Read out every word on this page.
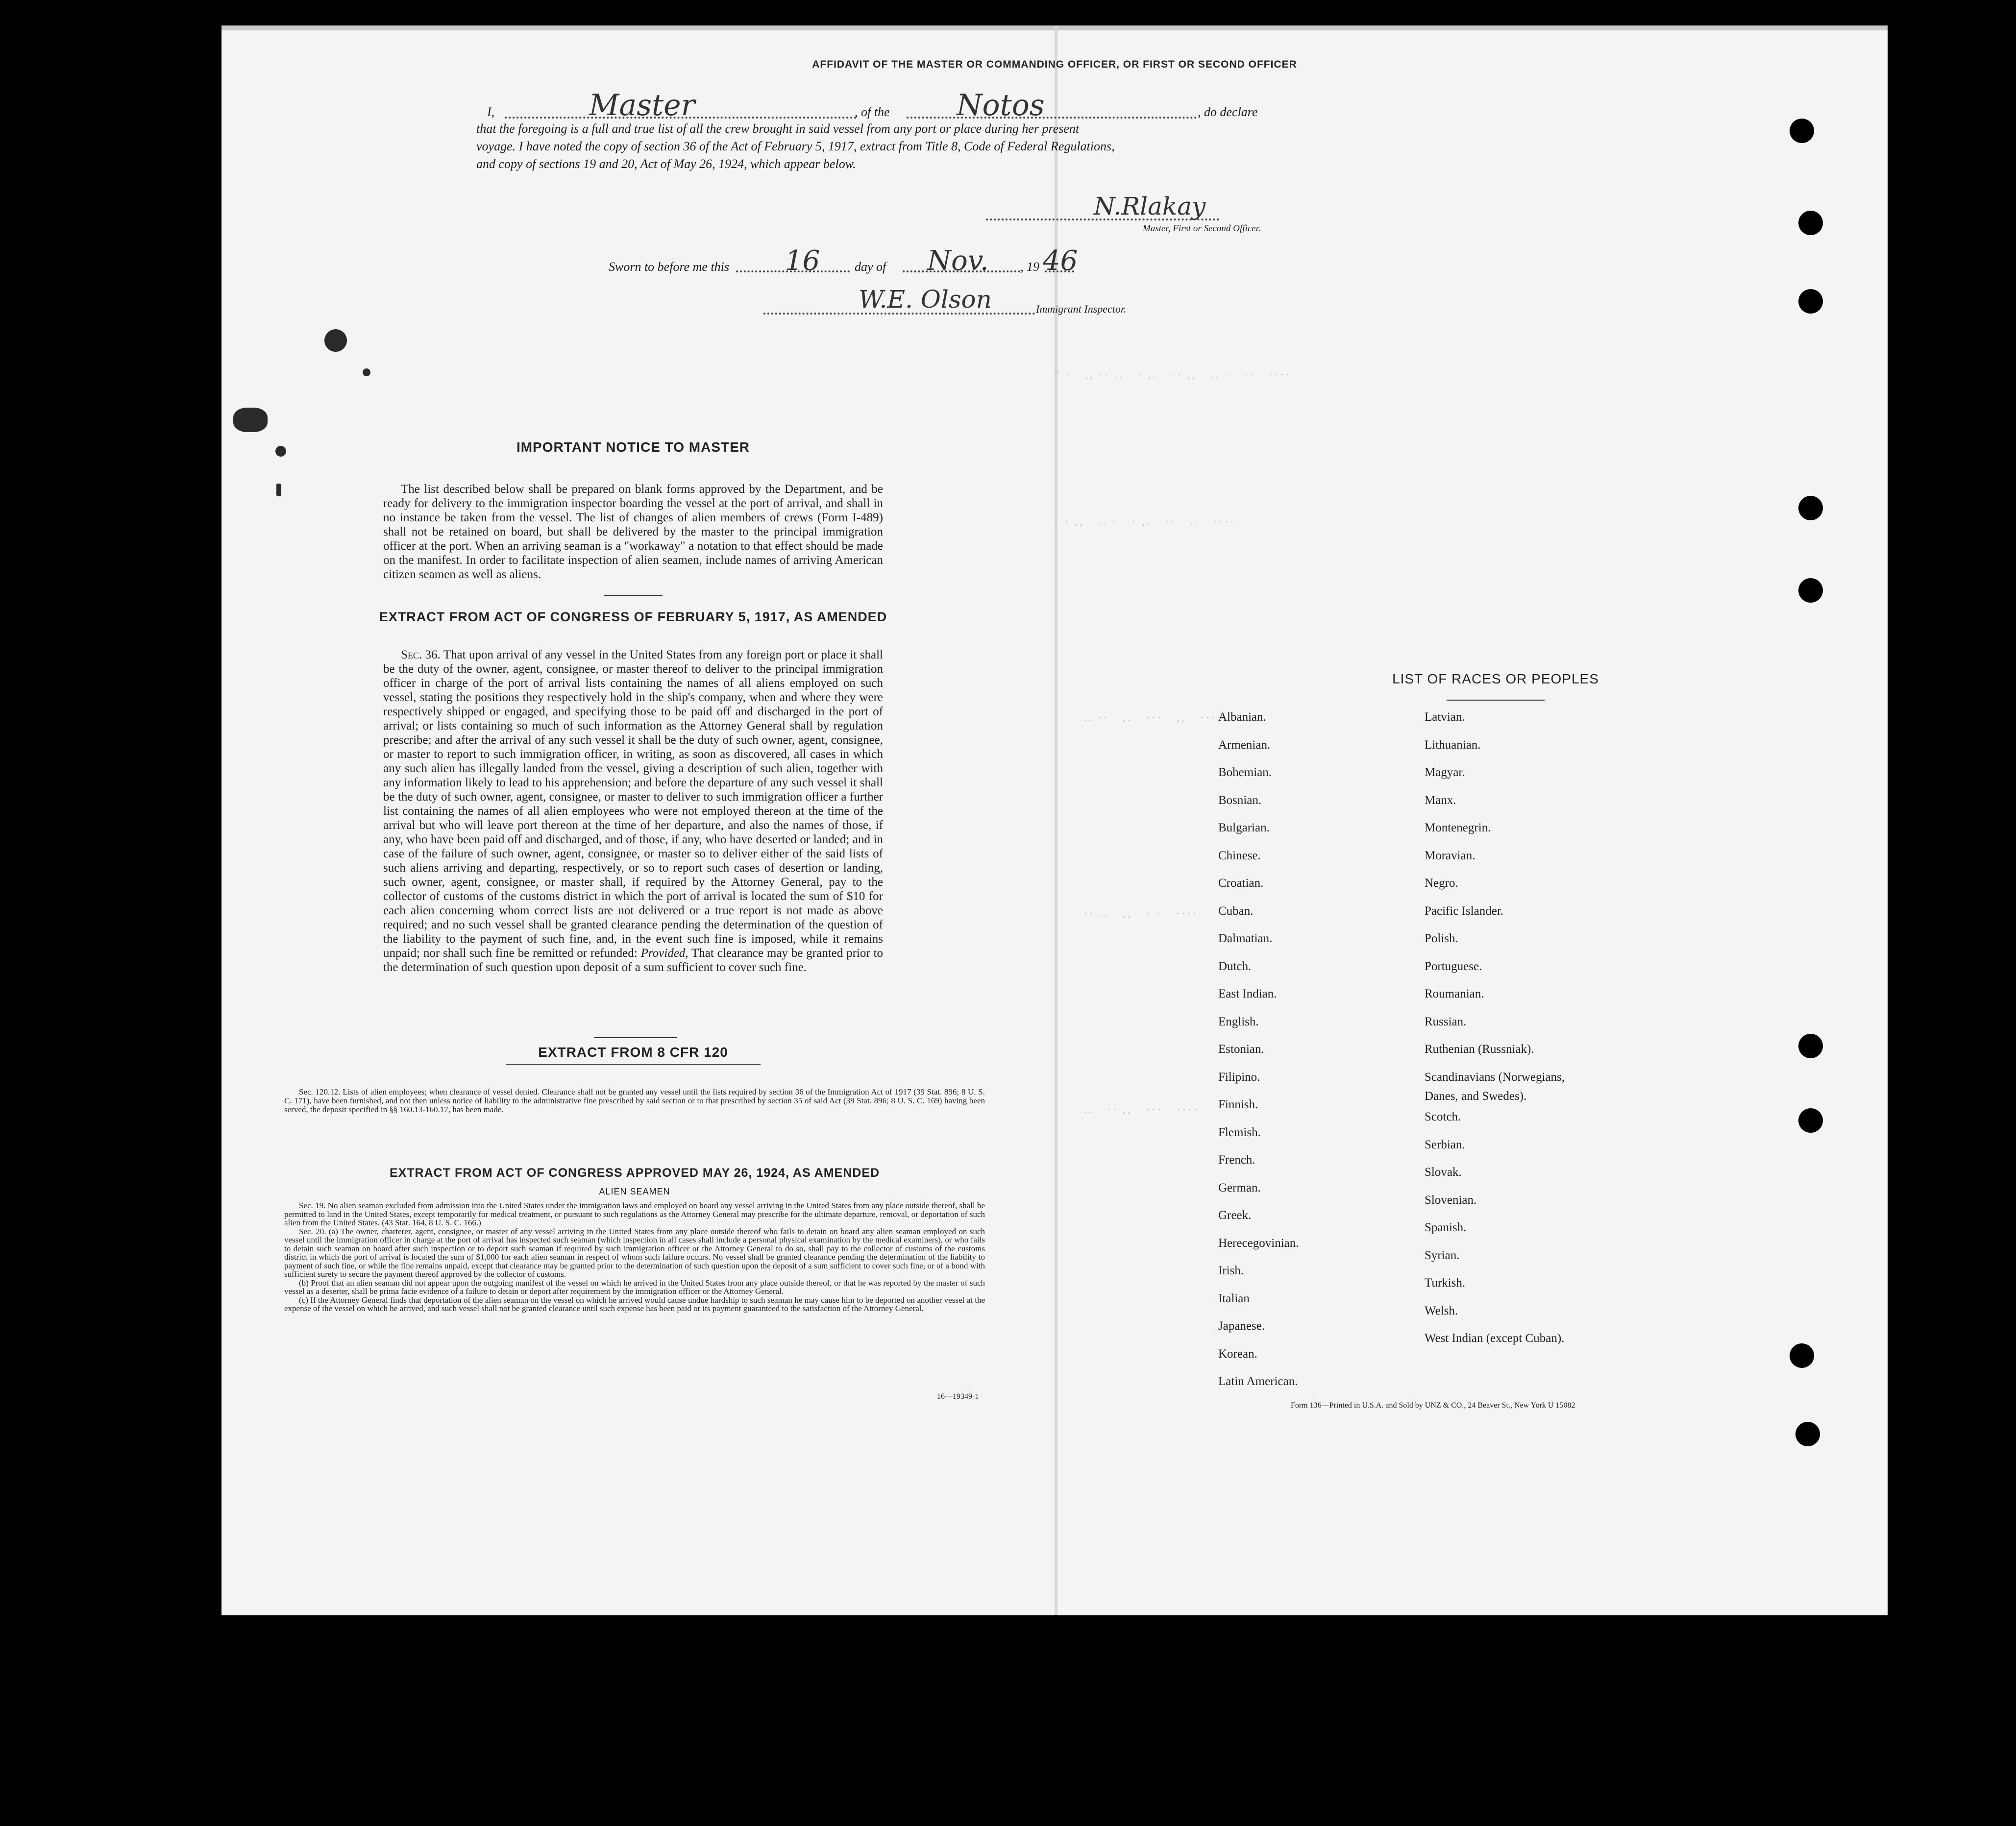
AFFIDAVIT OF THE MASTER OR COMMANDING OFFICER, OR FIRST OR SECOND OFFICER
I,	Master	, of the Notos	, do declare
that the foregoing is a full and true list of all the crew brought in said vessel from any port or place during her present
voyage. I have noted the copy of section 36 of the Act of February 5, 1917, extract from Title 8, Code of Federal Regulations,
and copy of sections 19 and 20, Act of May 26, 1924, which appear below.
N.Rlakay
Master, First or Second Officer.
Sworn to before me this 16	day of Nov. , 19 46
W.E. Olson	Immigrant Inspector.
" ·   ,, ·· ..   · ,.   ·· ,,   .. ·   ··   ····
· · ,,   .. ·   · ,.   ··   ..   ····
.. ··   ,.   ···   ,,   ····
·· ..   ,,   · ·   ····
..   ·· ,,   ···   ····
IMPORTANT NOTICE TO MASTER
The list described below shall be prepared on blank forms approved by the Department, and be ready for delivery to the immigration inspector boarding the vessel at the port of arrival, and shall in no instance be taken from the vessel. The list of changes of alien members of crews (Form I-489) shall not be retained on board, but shall be delivered by the master to the principal immigration officer at the port. When an arriving seaman is a "workaway" a notation to that effect should be made on the manifest. In order to facilitate inspection of alien seamen, include names of arriving American citizen seamen as well as aliens.
EXTRACT FROM ACT OF CONGRESS OF FEBRUARY 5, 1917, AS AMENDED
Sec. 36. That upon arrival of any vessel in the United States from any foreign port or place it shall be the duty of the owner, agent, consignee, or master thereof to deliver to the principal immigration officer in charge of the port of arrival lists containing the names of all aliens employed on such vessel, stating the positions they respectively hold in the ship's company, when and where they were respectively shipped or engaged, and specifying those to be paid off and discharged in the port of arrival; or lists containing so much of such information as the Attorney General shall by regulation prescribe; and after the arrival of any such vessel it shall be the duty of such owner, agent, consignee, or master to report to such immigration officer, in writing, as soon as discovered, all cases in which any such alien has illegally landed from the vessel, giving a description of such alien, together with any information likely to lead to his apprehension; and before the departure of any such vessel it shall be the duty of such owner, agent, consignee, or master to deliver to such immigration officer a further list containing the names of all alien employees who were not employed thereon at the time of the arrival but who will leave port thereon at the time of her departure, and also the names of those, if any, who have been paid off and discharged, and of those, if any, who have deserted or landed; and in case of the failure of such owner, agent, consignee, or master so to deliver either of the said lists of such aliens arriving and departing, respectively, or so to report such cases of desertion or landing, such owner, agent, consignee, or master shall, if required by the Attorney General, pay to the collector of customs of the customs district in which the port of arrival is located the sum of $10 for each alien concerning whom correct lists are not delivered or a true report is not made as above required; and no such vessel shall be granted clearance pending the determination of the question of the liability to the payment of such fine, and, in the event such fine is imposed, while it remains unpaid; nor shall such fine be remitted or refunded: Provided, That clearance may be granted prior to the determination of such question upon deposit of a sum sufficient to cover such fine.
EXTRACT FROM 8 CFR 120
Sec. 120.12. Lists of alien employees; when clearance of vessel denied. Clearance shall not be granted any vessel until the lists required by section 36 of the Immigration Act of 1917 (39 Stat. 896; 8 U. S. C. 171), have been furnished, and not then unless notice of liability to the administrative fine prescribed by said section or to that prescribed by section 35 of said Act (39 Stat. 896; 8 U. S. C. 169) having been served, the deposit specified in §§ 160.13-160.17, has been made.
EXTRACT FROM ACT OF CONGRESS APPROVED MAY 26, 1924, AS AMENDED
ALIEN SEAMEN
Sec. 19. No alien seaman excluded from admission into the United States under the immigration laws and employed on board any vessel arriving in the United States from any place outside thereof, shall be permitted to land in the United States, except temporarily for medical treatment, or pursuant to such regulations as the Attorney General may prescribe for the ultimate departure, removal, or deportation of such alien from the United States. (43 Stat. 164, 8 U. S. C. 166.)
Sec. 20. (a) The owner, charterer, agent, consignee, or master of any vessel arriving in the United States from any place outside thereof who fails to detain on board any alien seaman employed on such vessel until the immigration officer in charge at the port of arrival has inspected such seaman (which inspection in all cases shall include a personal physical examination by the medical examiners), or who fails to detain such seaman on board after such inspection or to deport such seaman if required by such immigration officer or the Attorney General to do so, shall pay to the collector of customs of the customs district in which the port of arrival is located the sum of $1,000 for each alien seaman in respect of whom such failure occurs. No vessel shall be granted clearance pending the determination of the liability to payment of such fine, or while the fine remains unpaid, except that clearance may be granted prior to the determination of such question upon the deposit of a sum sufficient to cover such fine, or of a bond with sufficient surety to secure the payment thereof approved by the collector of customs.
(b) Proof that an alien seaman did not appear upon the outgoing manifest of the vessel on which he arrived in the United States from any place outside thereof, or that he was reported by the master of such vessel as a deserter, shall be prima facie evidence of a failure to detain or deport after requirement by the immigration officer or the Attorney General.
(c) If the Attorney General finds that deportation of the alien seaman on the vessel on which he arrived would cause undue hardship to such seaman he may cause him to be deported on another vessel at the expense of the vessel on which he arrived, and such vessel shall not be granted clearance until such expense has been paid or its payment guaranteed to the satisfaction of the Attorney General.
16—19349-1
LIST OF RACES OR PEOPLES
Albanian.
Armenian.
Bohemian.
Bosnian.
Bulgarian.
Chinese.
Croatian.
Cuban.
Dalmatian.
Dutch.
East Indian.
English.
Estonian.
Filipino.
Finnish.
Flemish.
French.
German.
Greek.
Herecegovinian.
Irish.
Italian
Japanese.
Korean.
Latin American.
Latvian.
Lithuanian.
Magyar.
Manx.
Montenegrin.
Moravian.
Negro.
Pacific Islander.
Polish.
Portuguese.
Roumanian.
Russian.
Ruthenian (Russniak).
Scandinavians (Norwegians,
Scotch.
Serbian.
Slovak.
Slovenian.
Spanish.
Syrian.
Turkish.
Welsh.
West Indian (except Cuban).
Danes, and Swedes).
Form 136—Printed in U.S.A. and Sold by UNZ & CO., 24 Beaver St., New York U 15082
